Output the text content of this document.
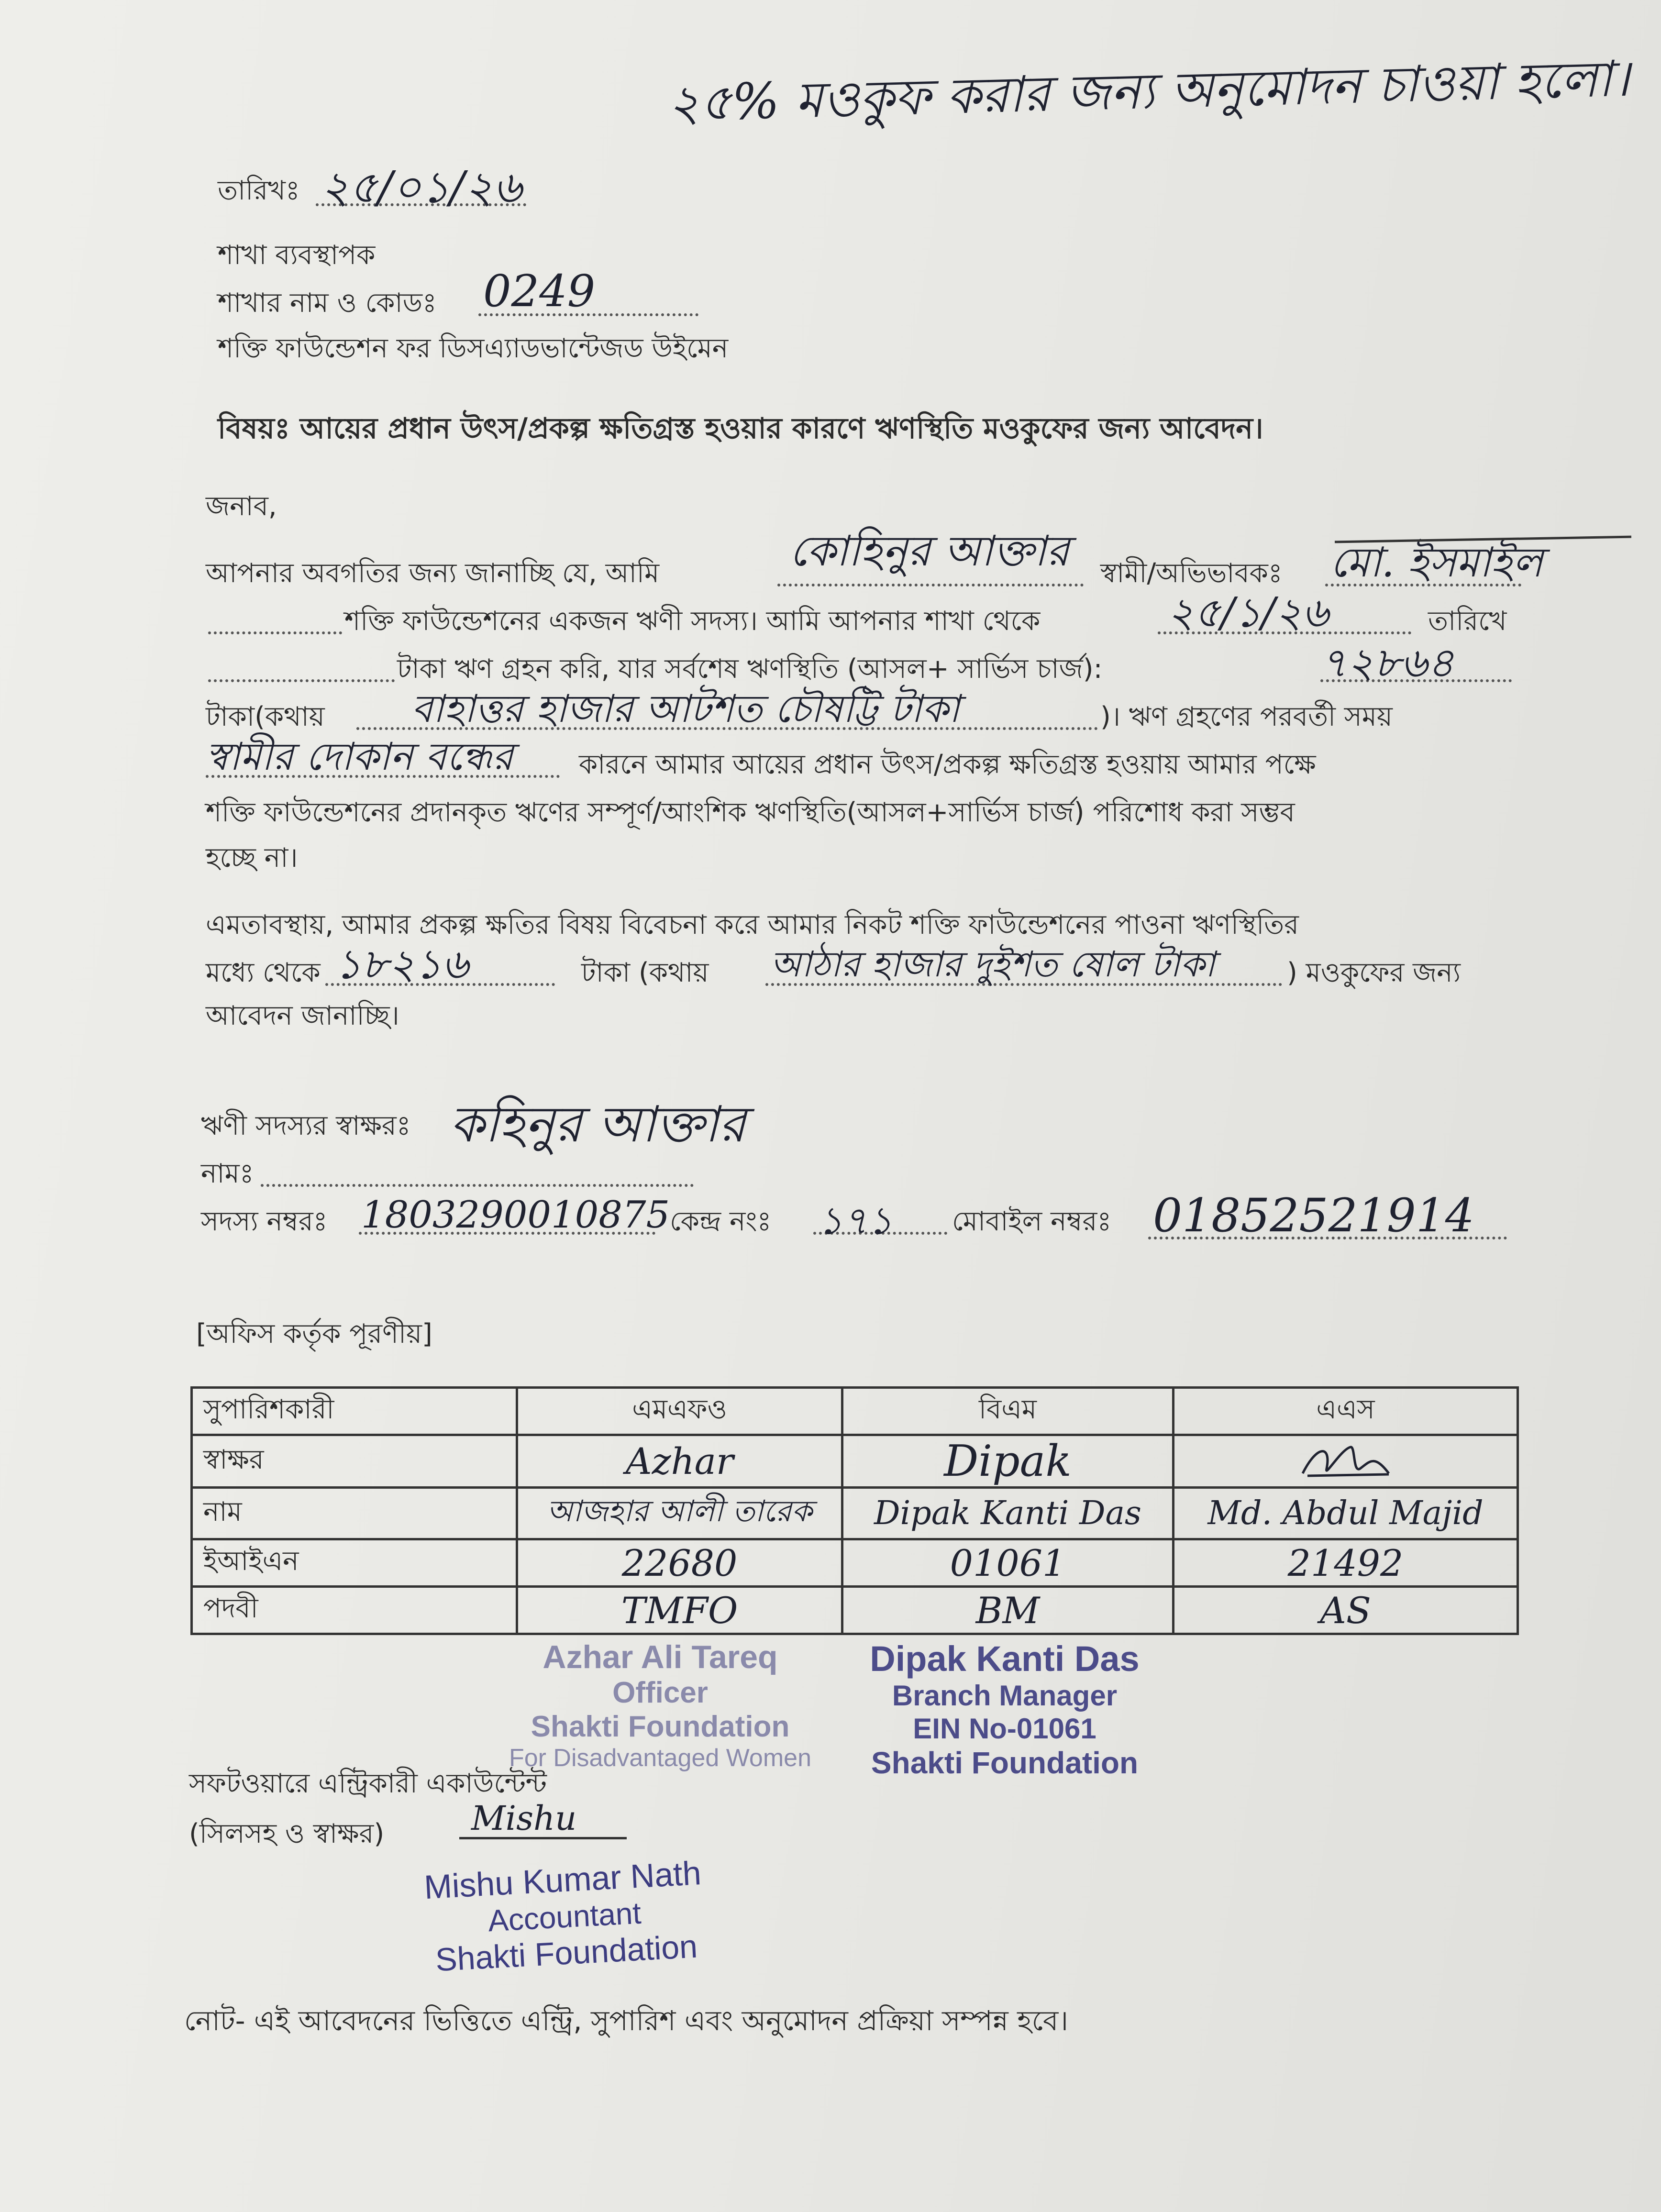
২৫% মওকুফ করার জন্য অনুমোদন চাওয়া হলো।
তারিখঃ ২৫/০১/২৬
শাখা ব্যবস্থাপক
শাখার নাম ও কোডঃ 0249
শক্তি ফাউন্ডেশন ফর ডিসএ্যাডভান্টেজড উইমেন
বিষয়ঃ আয়ের প্রধান উৎস/প্রকল্প ক্ষতিগ্রস্ত হওয়ার কারণে ঋণস্থিতি মওকুফের জন্য আবেদন।
জনাব,
আপনার অবগতির জন্য জানাচ্ছি যে, আমি	কোহিনুর আক্তার স্বামী/অভিভাবকঃ মো. ইসমাইল
শক্তি ফাউন্ডেশনের একজন ঋণী সদস্য। আমি আপনার শাখা থেকে	২৫/১/২৬	তারিখে
টাকা ঋণ গ্রহন করি, যার সর্বশেষ ঋণস্থিতি (আসল+ সার্ভিস চার্জ):	৭২৮৬৪
টাকা(কথায় বাহাত্তর হাজার আটশত চৌষট্টি টাকা	)। ঋণ গ্রহণের পরবর্তী সময়
স্বামীর দোকান বন্ধের কারনে আমার আয়ের প্রধান উৎস/প্রকল্প ক্ষতিগ্রস্ত হওয়ায় আমার পক্ষে
শক্তি ফাউন্ডেশনের প্রদানকৃত ঋণের সম্পূর্ণ/আংশিক ঋণস্থিতি(আসল+সার্ভিস চার্জ) পরিশোধ করা সম্ভব
হচ্ছে না।
এমতাবস্থায়, আমার প্রকল্প ক্ষতির বিষয় বিবেচনা করে আমার নিকট শক্তি ফাউন্ডেশনের পাওনা ঋণস্থিতির
মধ্যে থেকে ১৮২১৬	টাকা (কথায় আঠার হাজার দুইশত ষোল টাকা	) মওকুফের জন্য
আবেদন জানাচ্ছি।
ঋণী সদস্যর স্বাক্ষরঃ কহিনুর আক্তার
নামঃ
সদস্য নম্বরঃ 1803290010875 কেন্দ্র নংঃ ১৭১ মোবাইল নম্বরঃ 01852521914
[অফিস কর্তৃক পূরণীয়]
সুপারিশকারী	এমএফও	বিএম	এএস
স্বাক্ষর	Azhar	Dipak	
নাম	আজহার আলী তারেক	Dipak Kanti Das	Md. Abdul Majid
ইআইএন	22680	01061	21492
পদবী	TMFO	BM	AS
Azhar Ali Tareq
Officer
Shakti Foundation
For Disadvantaged Women
Dipak Kanti Das
Branch Manager
EIN No-01061
Shakti Foundation
সফটওয়ারে এন্ট্রিকারী একাউন্টেন্ট
(সিলসহ ও স্বাক্ষর)	Mishu
Mishu Kumar Nath
Accountant
Shakti Foundation
নোট- এই আবেদনের ভিত্তিতে এন্ট্রি, সুপারিশ এবং অনুমোদন প্রক্রিয়া সম্পন্ন হবে।
